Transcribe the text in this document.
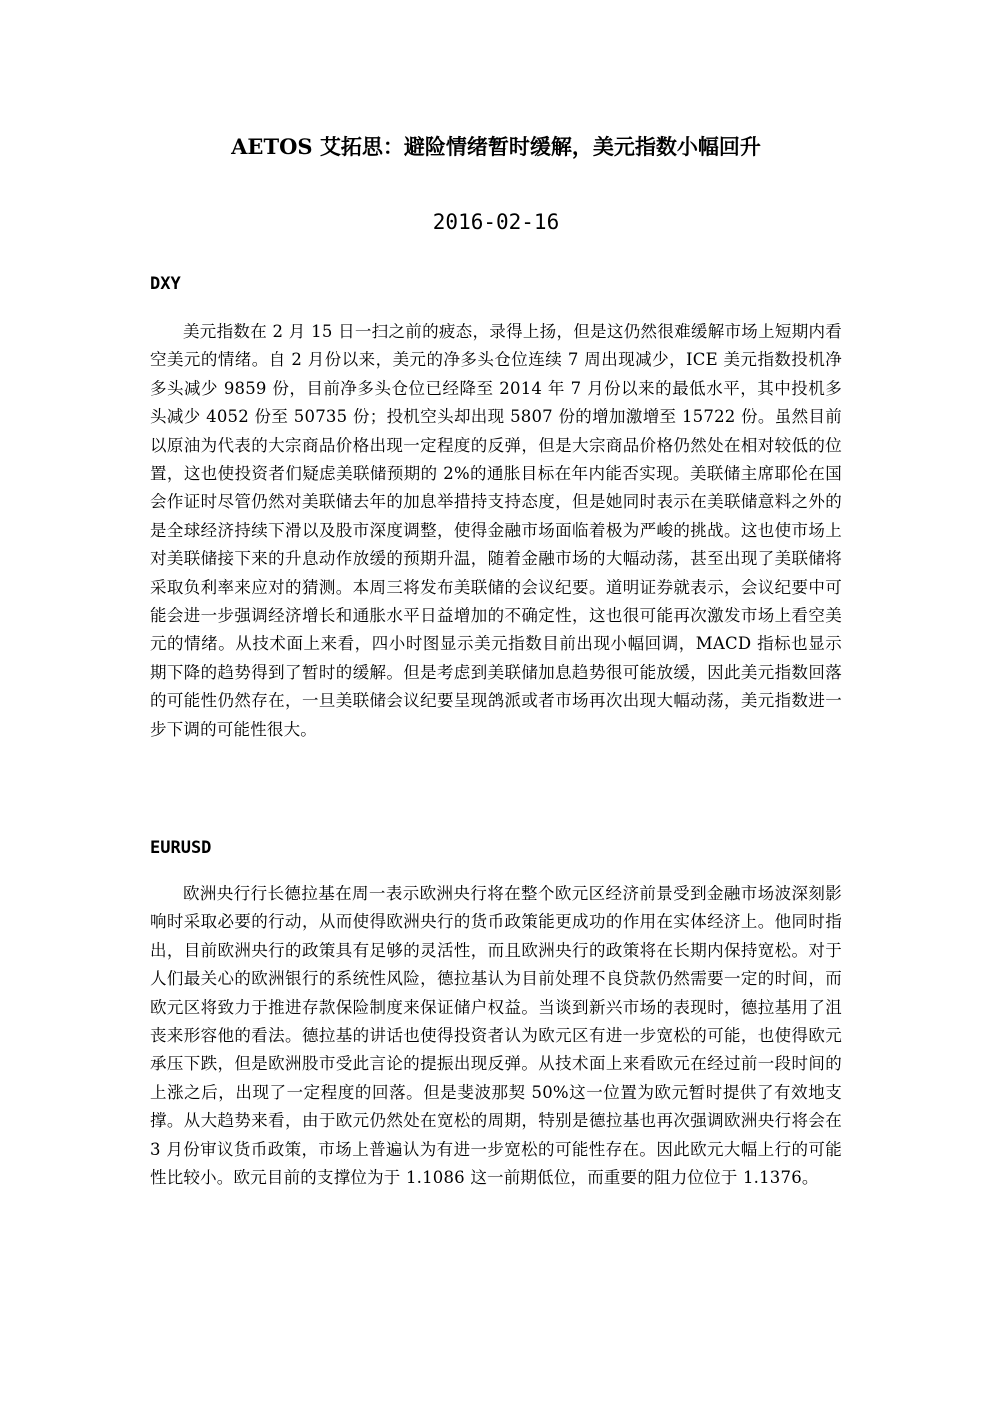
AETOS 艾拓思：避险情绪暂时缓解，美元指数小幅回升
2016-02-16
DXY

美元指数在 2 月 15 日一扫之前的疲态，录得上扬，但是这仍然很难缓解市场上短期内看空美元的情绪。自 2 月份以来，美元的净多头仓位连续 7 周出现减少，ICE 美元指数投机净多头减少 9859 份，目前净多头仓位已经降至 2014 年 7 月份以来的最低水平，其中投机多头减少 4052 份至 50735 份；投机空头却出现 5807 份的增加激增至 15722 份。虽然目前以原油为代表的大宗商品价格出现一定程度的反弹，但是大宗商品价格仍然处在相对较低的位置，这也使投资者们疑虑美联储预期的 2%的通胀目标在年内能否实现。美联储主席耶伦在国会作证时尽管仍然对美联储去年的加息举措持支持态度，但是她同时表示在美联储意料之外的是全球经济持续下滑以及股市深度调整，使得金融市场面临着极为严峻的挑战。这也使市场上对美联储接下来的升息动作放缓的预期升温，随着金融市场的大幅动荡，甚至出现了美联储将采取负利率来应对的猜测。本周三将发布美联储的会议纪要。道明证券就表示，会议纪要中可能会进一步强调经济增长和通胀水平日益增加的不确定性，这也很可能再次激发市场上看空美元的情绪。从技术面上来看，四小时图显示美元指数目前出现小幅回调，MACD 指标也显示期下降的趋势得到了暂时的缓解。但是考虑到美联储加息趋势很可能放缓，因此美元指数回落的可能性仍然存在，一旦美联储会议纪要呈现鸽派或者市场再次出现大幅动荡，美元指数进一步下调的可能性很大。

EURUSD

欧洲央行行长德拉基在周一表示欧洲央行将在整个欧元区经济前景受到金融市场波深刻影响时采取必要的行动，从而使得欧洲央行的货币政策能更成功的作用在实体经济上。他同时指出，目前欧洲央行的政策具有足够的灵活性，而且欧洲央行的政策将在长期内保持宽松。对于人们最关心的欧洲银行的系统性风险，德拉基认为目前处理不良贷款仍然需要一定的时间，而欧元区将致力于推进存款保险制度来保证储户权益。当谈到新兴市场的表现时，德拉基用了沮丧来形容他的看法。德拉基的讲话也使得投资者认为欧元区有进一步宽松的可能，也使得欧元承压下跌，但是欧洲股市受此言论的提振出现反弹。从技术面上来看欧元在经过前一段时间的上涨之后，出现了一定程度的回落。但是斐波那契 50%这一位置为欧元暂时提供了有效地支撑。从大趋势来看，由于欧元仍然处在宽松的周期，特别是德拉基也再次强调欧洲央行将会在 3 月份审议货币政策，市场上普遍认为有进一步宽松的可能性存在。因此欧元大幅上行的可能性比较小。欧元目前的支撑位为于 1.1086 这一前期低位，而重要的阻力位位于 1.1376。
